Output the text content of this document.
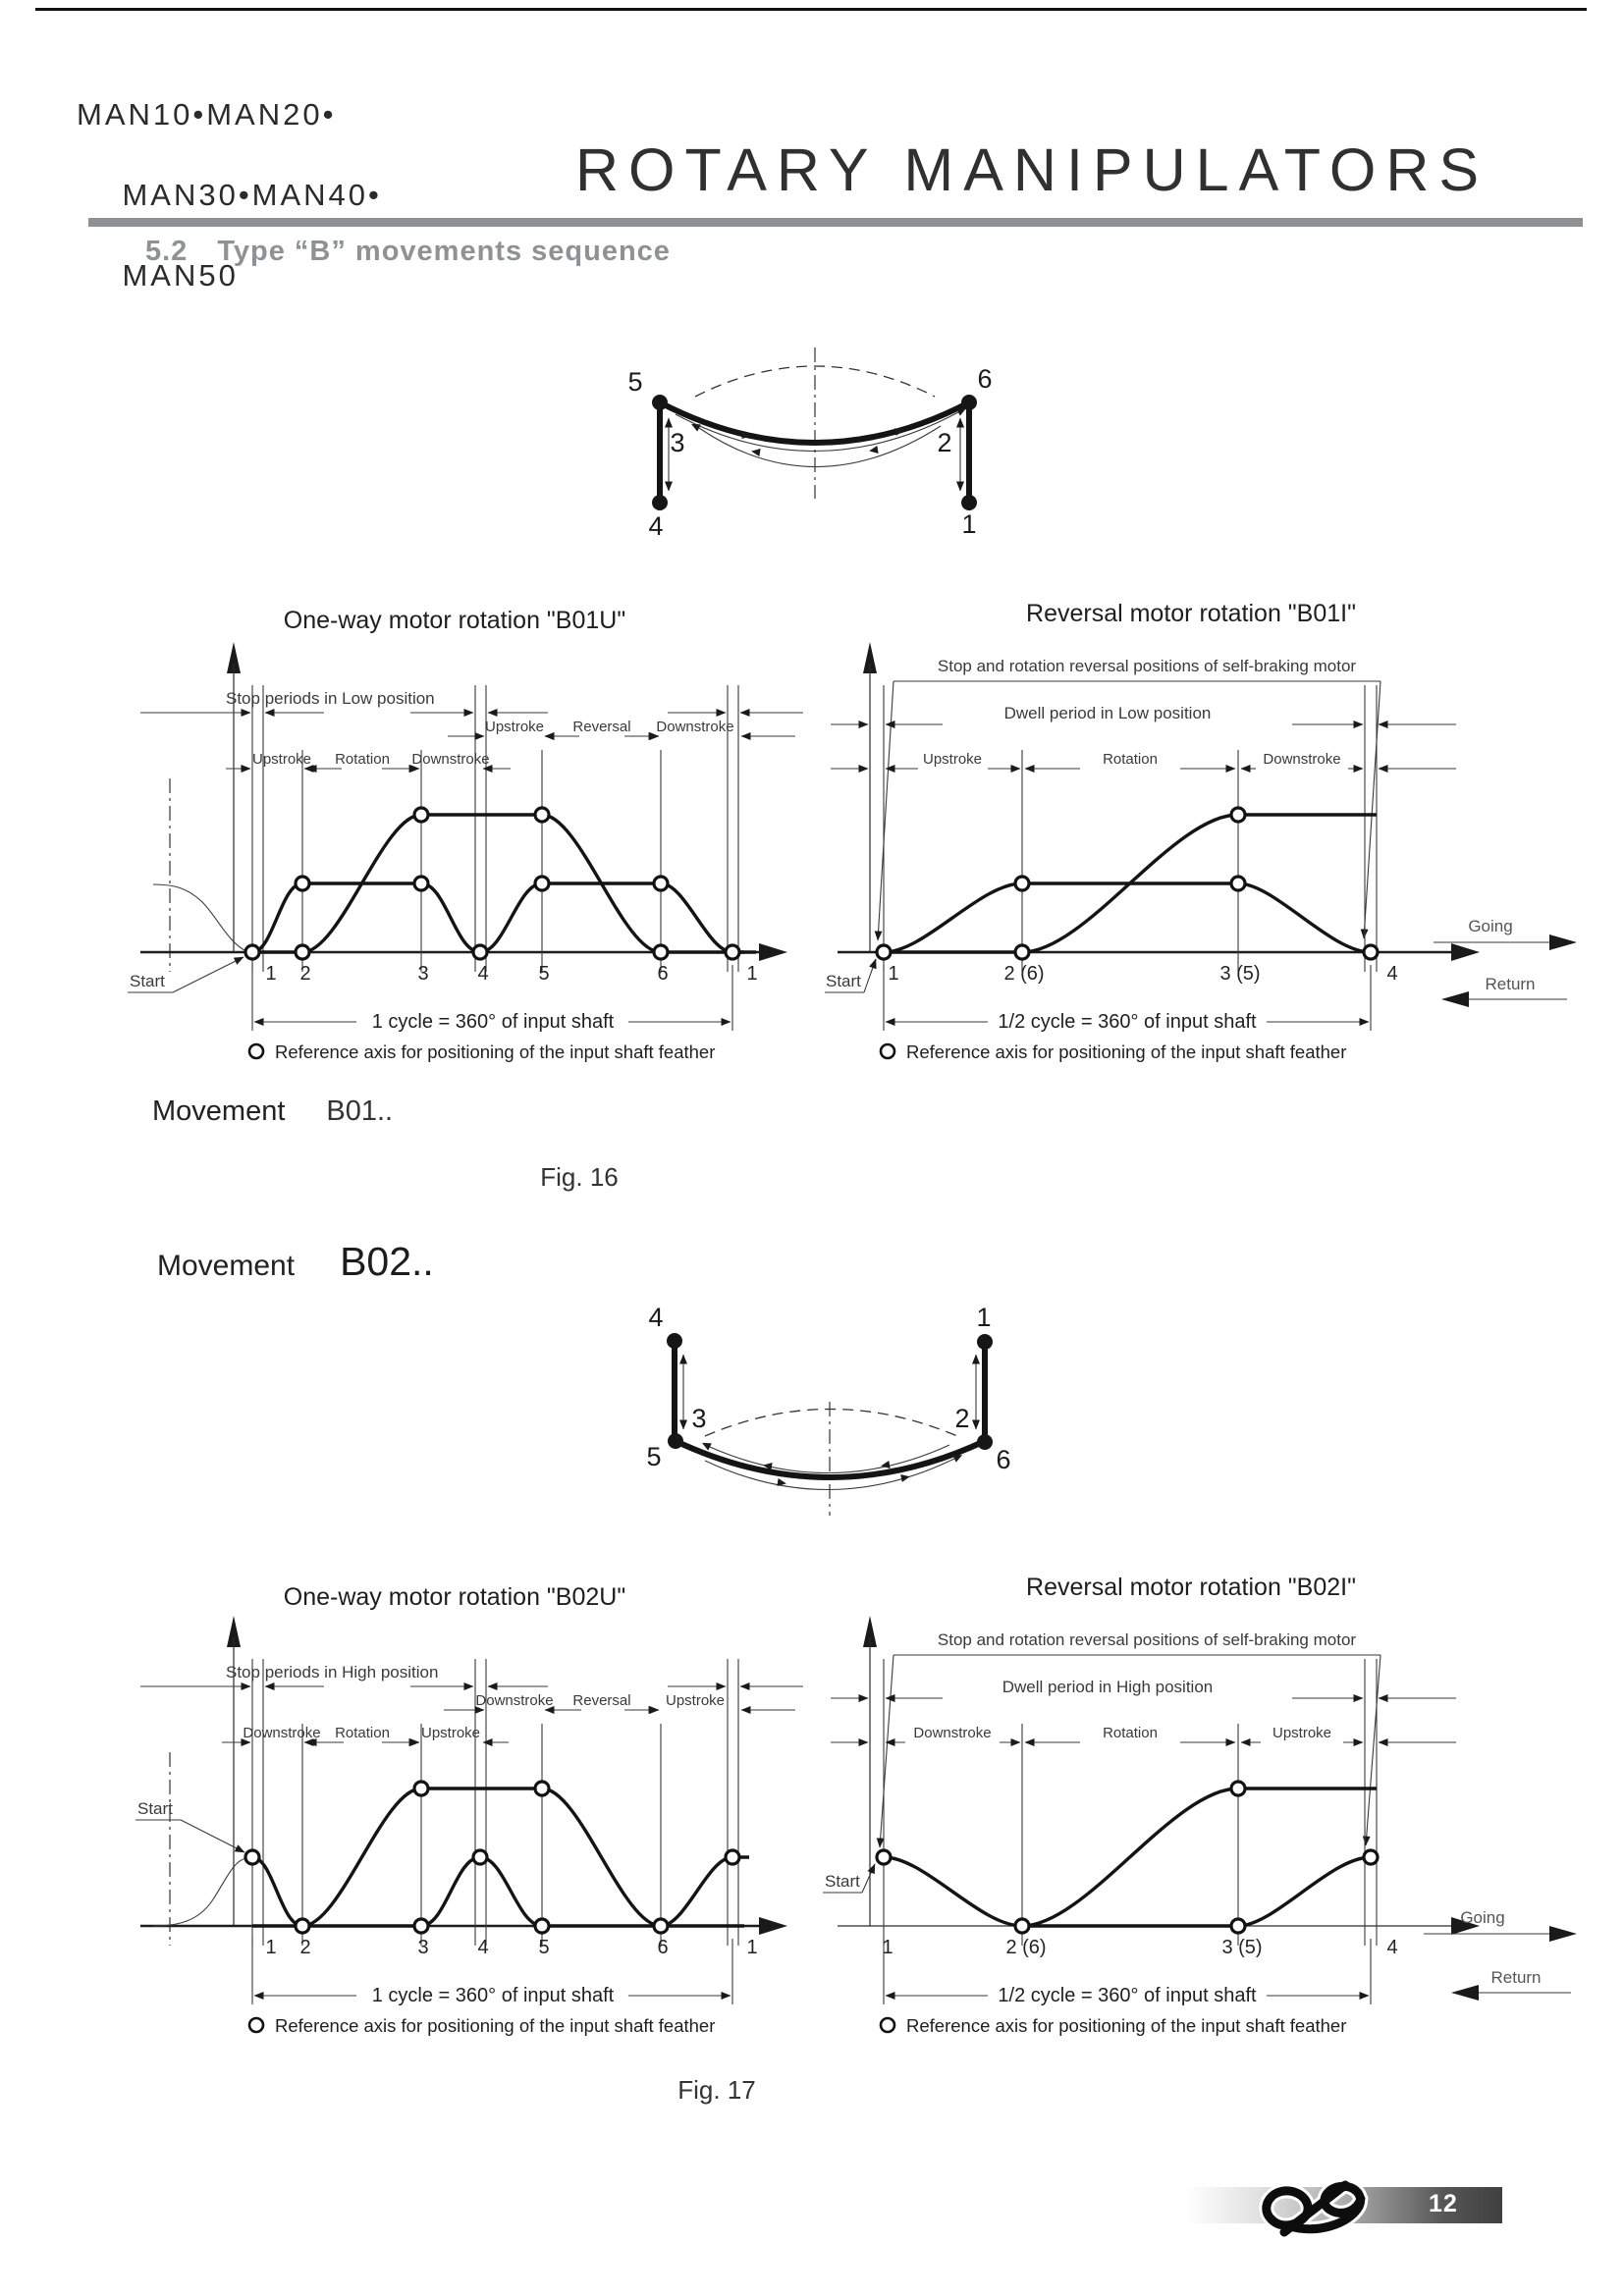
MAN10•MAN20•

MAN30•MAN40•

MAN50
ROTARY MANIPULATORS
5.2 Type “B” movements sequence
5	6
3	2
4	1
One-way motor rotation "B01U"
Stop periods in Low position
Upstroke Rotation Downstroke
Upstroke Reversal Downstroke
Start	1 2	3 4	5	6	1
1 cycle = 360° of input shaft
Reference axis for positioning of the input shaft feather
Reversal motor rotation "B01I"
Stop and rotation reversal positions of self-braking motor
Dwell period in Low position
Upstroke	Rotation	Downstroke
Going
Return
Start 1	2 (6)	3 (5)	4
1/2 cycle = 360° of input shaft
Reference axis for positioning of the input shaft feather
Movement B01..
Fig. 16
Movement B02..
4	1
3	2
5	6
One-way motor rotation "B02U"
Stop periods in High position
Downstroke Rotation Upstroke
Downstroke Reversal Upstroke
Start
1 2	3 4	5	6	1
1 cycle = 360° of input shaft
Reference axis for positioning of the input shaft feather
Reversal motor rotation "B02I"
Stop and rotation reversal positions of self-braking motor
Dwell period in High position
Downstroke	Rotation	Upstroke
Going
Return
Start
1	2 (6)	3 (5)	4
1/2 cycle = 360° of input shaft
Reference axis for positioning of the input shaft feather
Fig. 17
12
